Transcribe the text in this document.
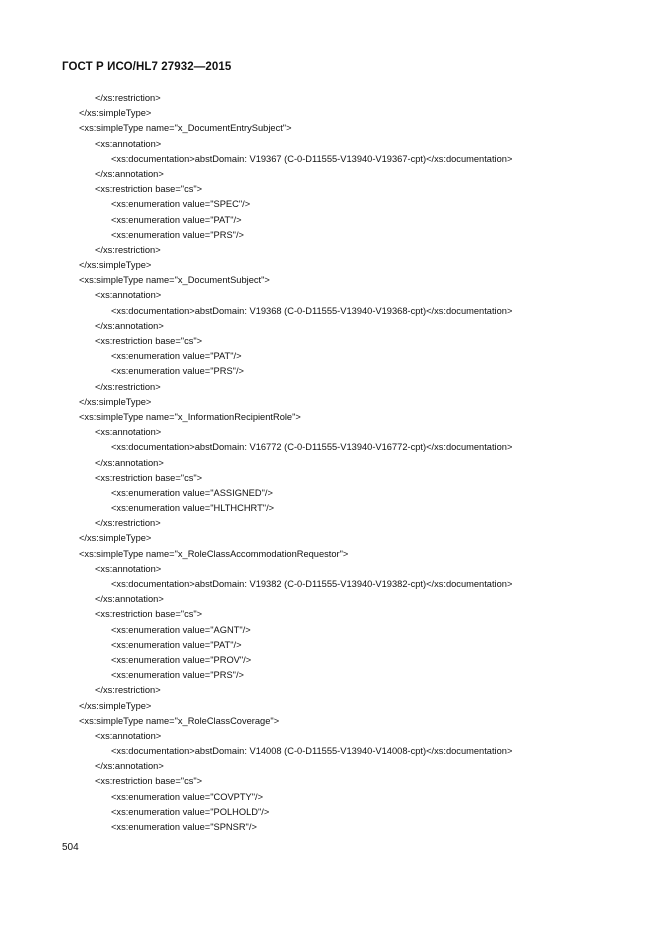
ГОСТ Р ИСО/HL7 27932—2015
</xs:restriction>
</xs:simpleType>
<xs:simpleType name="x_DocumentEntrySubject">
<xs:annotation>
<xs:documentation>abstDomain: V19367 (C-0-D11555-V13940-V19367-cpt)</xs:documentation>
</xs:annotation>
<xs:restriction base="cs">
<xs:enumeration value="SPEC"/>
<xs:enumeration value="PAT"/>
<xs:enumeration value="PRS"/>
</xs:restriction>
</xs:simpleType>
<xs:simpleType name="x_DocumentSubject">
<xs:annotation>
<xs:documentation>abstDomain: V19368 (C-0-D11555-V13940-V19368-cpt)</xs:documentation>
</xs:annotation>
<xs:restriction base="cs">
<xs:enumeration value="PAT"/>
<xs:enumeration value="PRS"/>
</xs:restriction>
</xs:simpleType>
<xs:simpleType name="x_InformationRecipientRole">
<xs:annotation>
<xs:documentation>abstDomain: V16772 (C-0-D11555-V13940-V16772-cpt)</xs:documentation>
</xs:annotation>
<xs:restriction base="cs">
<xs:enumeration value="ASSIGNED"/>
<xs:enumeration value="HLTHCHRT"/>
</xs:restriction>
</xs:simpleType>
<xs:simpleType name="x_RoleClassAccommodationRequestor">
<xs:annotation>
<xs:documentation>abstDomain: V19382 (C-0-D11555-V13940-V19382-cpt)</xs:documentation>
</xs:annotation>
<xs:restriction base="cs">
<xs:enumeration value="AGNT"/>
<xs:enumeration value="PAT"/>
<xs:enumeration value="PROV"/>
<xs:enumeration value="PRS"/>
</xs:restriction>
</xs:simpleType>
<xs:simpleType name="x_RoleClassCoverage">
<xs:annotation>
<xs:documentation>abstDomain: V14008 (C-0-D11555-V13940-V14008-cpt)</xs:documentation>
</xs:annotation>
<xs:restriction base="cs">
<xs:enumeration value="COVPTY"/>
<xs:enumeration value="POLHOLD"/>
<xs:enumeration value="SPNSR"/>
504
